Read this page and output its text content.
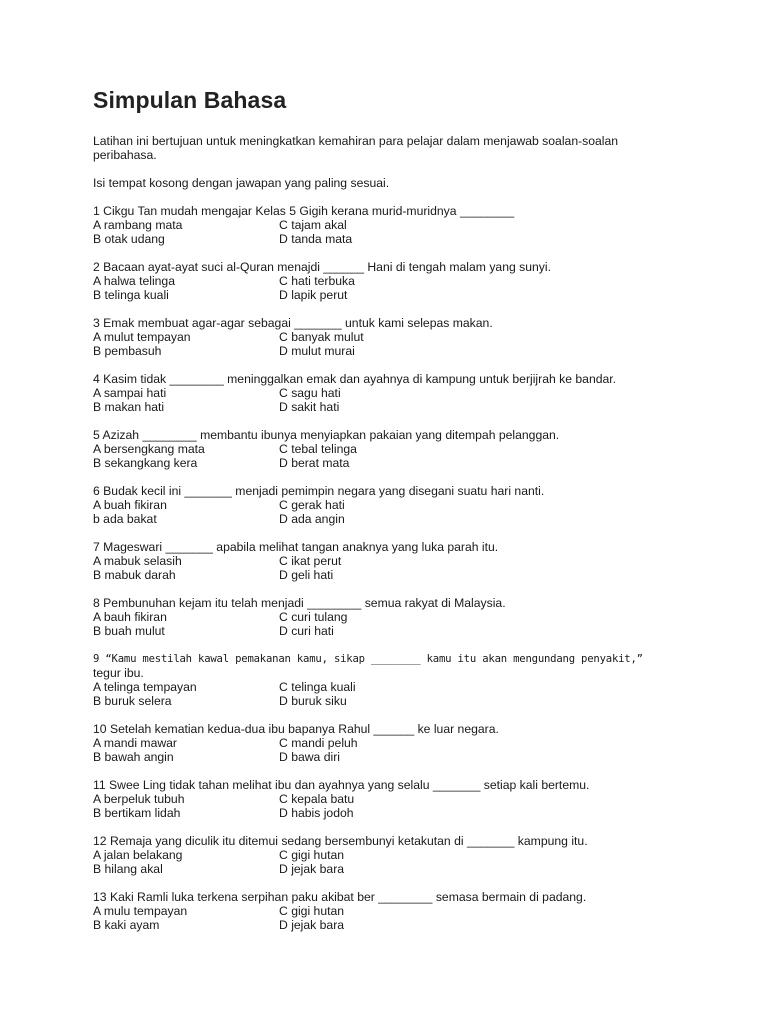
Simpulan Bahasa

Latihan ini bertujuan untuk meningkatkan kemahiran para pelajar dalam menjawab soalan-soalan peribahasa.

Isi tempat kosong dengan jawapan yang paling sesuai.

1 Cikgu Tan mudah mengajar Kelas 5 Gigih kerana murid-muridnya ________
A rambang mata	C tajam akal
B otak udang	D tanda mata
2 Bacaan ayat-ayat suci al-Quran menajdi ______ Hani di tengah malam yang sunyi.
A halwa telinga	C hati terbuka
B telinga kuali	D lapik perut
3 Emak membuat agar-agar sebagai _______ untuk kami selepas makan.
A mulut tempayan	C banyak mulut
B pembasuh	D mulut murai
4 Kasim tidak ________ meninggalkan emak dan ayahnya di kampung untuk berjijrah ke bandar.
A sampai hati	C sagu hati
B makan hati	D sakit hati
5 Azizah ________ membantu ibunya menyiapkan pakaian yang ditempah pelanggan.
A bersengkang mata	C tebal telinga
B sekangkang kera	D berat mata
6 Budak kecil ini _______ menjadi pemimpin negara yang disegani suatu hari nanti.
A buah fikiran	C gerak hati
b ada bakat	D ada angin
7 Mageswari _______ apabila melihat tangan anaknya yang luka parah itu.
A mabuk selasih	C ikat perut
B mabuk darah	D geli hati
8 Pembunuhan kejam itu telah menjadi ________ semua rakyat di Malaysia.
A bauh fikiran	C curi tulang
B buah mulut	D curi hati
9 “Kamu mestilah kawal pemakanan kamu, sikap ________ kamu itu akan mengundang penyakit,”
tegur ibu.
A telinga tempayan	C telinga kuali
B buruk selera	D buruk siku
10 Setelah kematian kedua-dua ibu bapanya Rahul ______ ke luar negara.
A mandi mawar	C mandi peluh
B bawah angin	D bawa diri
11 Swee Ling tidak tahan melihat ibu dan ayahnya yang selalu _______ setiap kali bertemu.
A berpeluk tubuh	C kepala batu
B bertikam lidah	D habis jodoh
12 Remaja yang diculik itu ditemui sedang bersembunyi ketakutan di _______ kampung itu.
A jalan belakang	C gigi hutan
B hilang akal	D jejak bara
13 Kaki Ramli luka terkena serpihan paku akibat ber ________ semasa bermain di padang.
A mulu tempayan	C gigi hutan
B kaki ayam	D jejak bara
